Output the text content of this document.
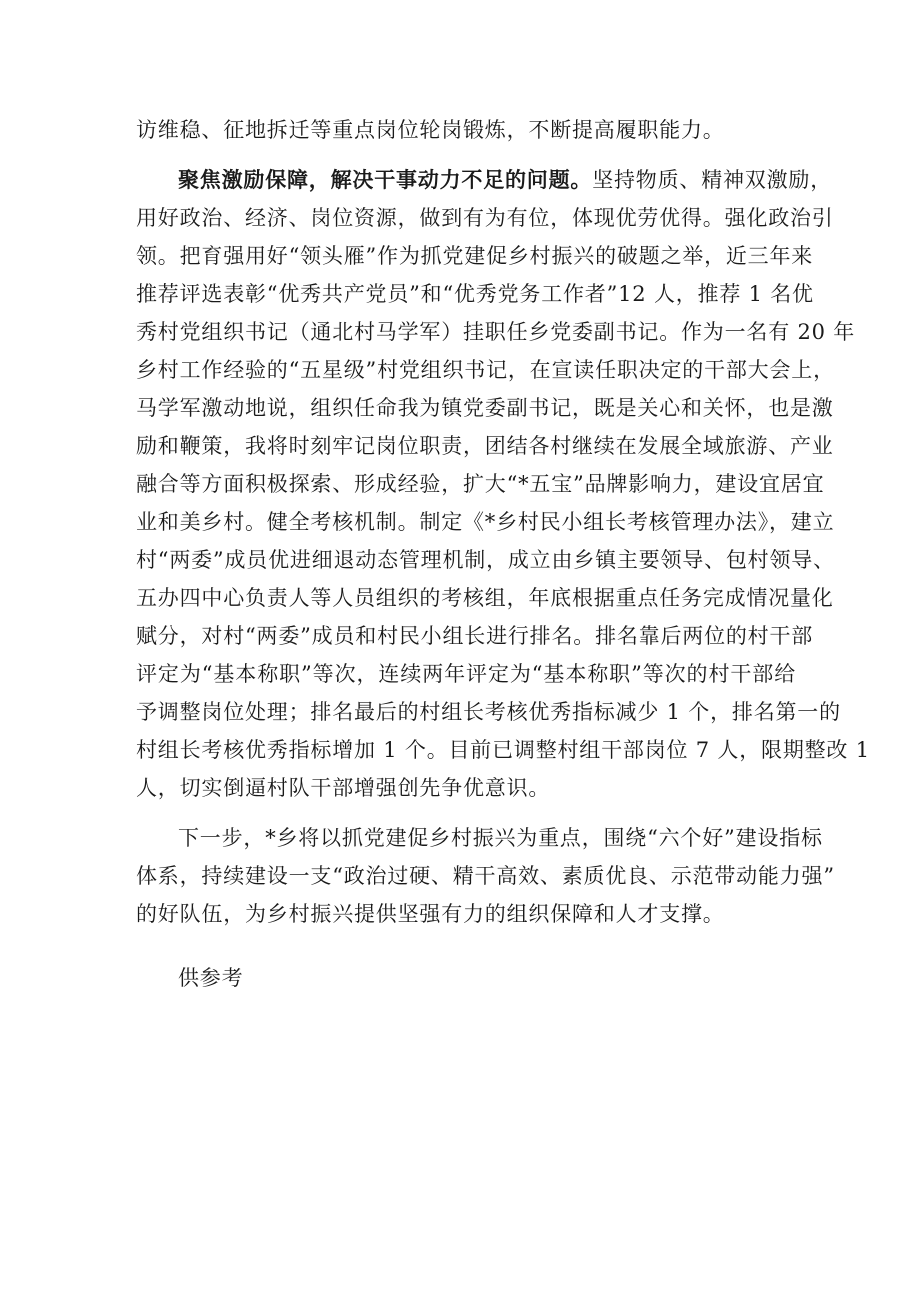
访维稳、征地拆迁等重点岗位轮岗锻炼，不断提高履职能力。
聚焦激励保障，解决干事动力不足的问题。坚持物质、精神双激励，
用好政治、经济、岗位资源，做到有为有位，体现优劳优得。强化政治引
领。把育强用好“领头雁”作为抓党建促乡村振兴的破题之举，近三年来
推荐评选表彰“优秀共产党员”和“优秀党务工作者”12 人，推荐 1 名优
秀村党组织书记（通北村马学军）挂职任乡党委副书记。作为一名有 20 年
乡村工作经验的“五星级”村党组织书记，在宣读任职决定的干部大会上，
马学军激动地说，组织任命我为镇党委副书记，既是关心和关怀，也是激
励和鞭策，我将时刻牢记岗位职责，团结各村继续在发展全域旅游、产业
融合等方面积极探索、形成经验，扩大“*五宝”品牌影响力，建设宜居宜
业和美乡村。健全考核机制。制定《*乡村民小组长考核管理办法》，建立
村“两委”成员优进细退动态管理机制，成立由乡镇主要领导、包村领导、
五办四中心负责人等人员组织的考核组，年底根据重点任务完成情况量化
赋分，对村“两委”成员和村民小组长进行排名。排名靠后两位的村干部
评定为“基本称职”等次，连续两年评定为“基本称职”等次的村干部给
予调整岗位处理；排名最后的村组长考核优秀指标减少 1 个，排名第一的
村组长考核优秀指标增加 1 个。目前已调整村组干部岗位 7 人，限期整改 1
人，切实倒逼村队干部增强创先争优意识。
下一步，*乡将以抓党建促乡村振兴为重点，围绕“六个好”建设指标
体系，持续建设一支“政治过硬、精干高效、素质优良、示范带动能力强”
的好队伍，为乡村振兴提供坚强有力的组织保障和人才支撑。
供参考
